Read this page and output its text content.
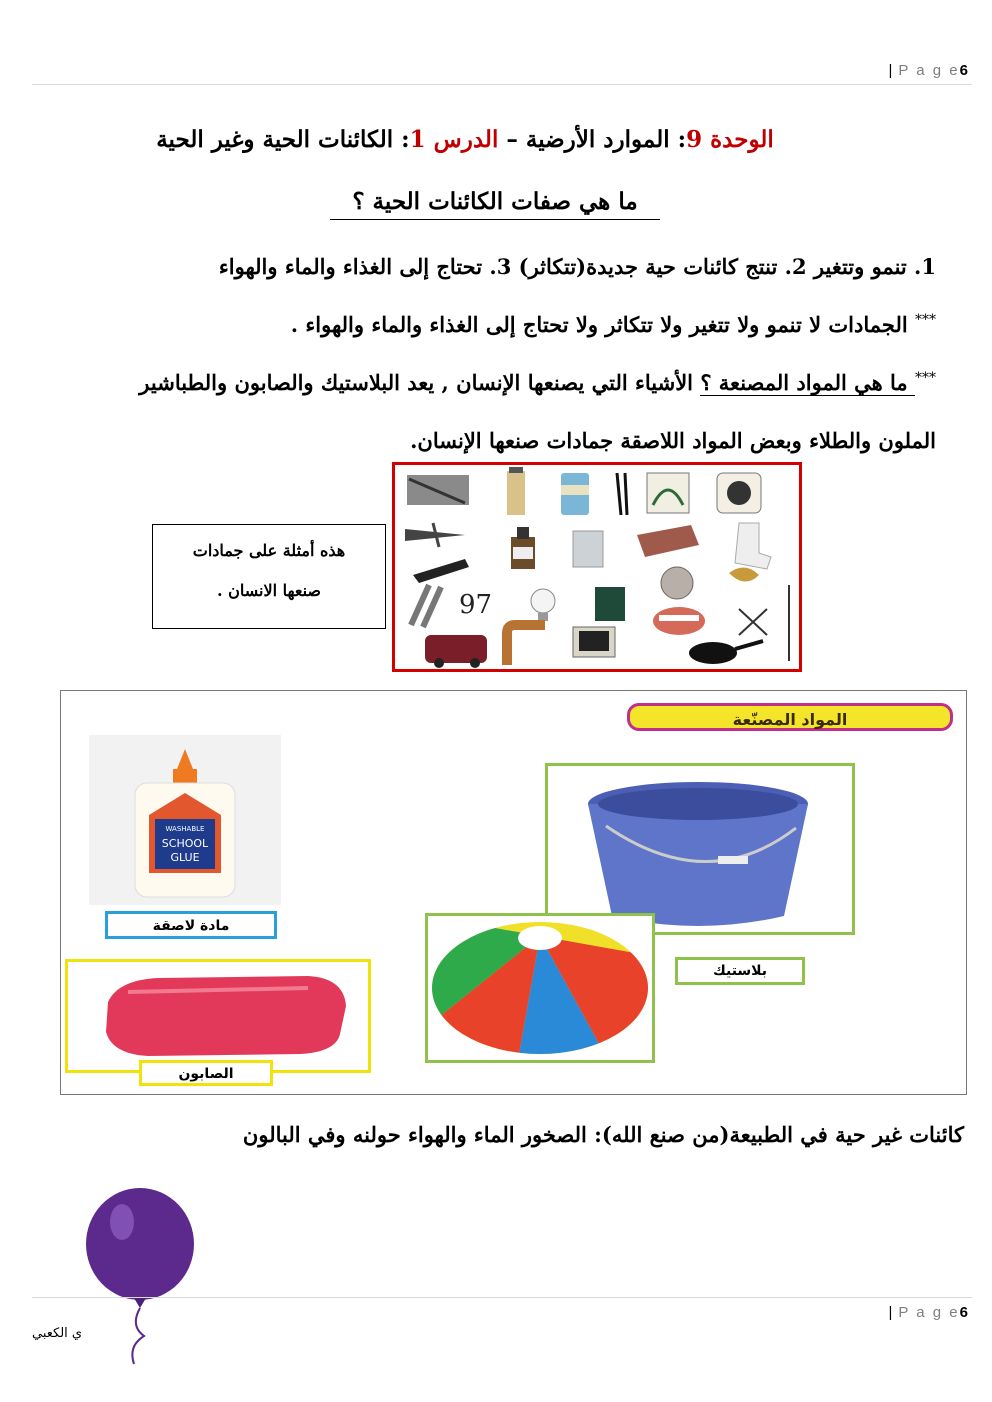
| P a g e6
الوحدة 9: الموارد الأرضية – الدرس 1: الكائنات الحية وغير الحية
ما هي صفات الكائنات الحية ؟
1. تنمو وتتغير 2. تنتج كائنات حية جديدة(تتكاثر) 3. تحتاج إلى الغذاء والماء والهواء
*** الجمادات لا تنمو ولا تتغير ولا تتكاثر ولا تحتاج إلى الغذاء والماء والهواء .
*** ما هي المواد المصنعة ؟ الأشياء التي يصنعها الإنسان , يعد البلاستيك والصابون والطباشير
الملون والطلاء وبعض المواد اللاصقة جمادات صنعها الإنسان.
هذه أمثلة على جمادات
صنعها الانسان .	97
المواد المصنّعة
WASHABLE
SCHOOL
GLUE
مادة لاصقة
الصابون
بلاستيك
كائنات غير حية في الطبيعة(من صنع الله): الصخور الماء والهواء حولنه وفي البالون
| P a g e6
ي الكعبي
